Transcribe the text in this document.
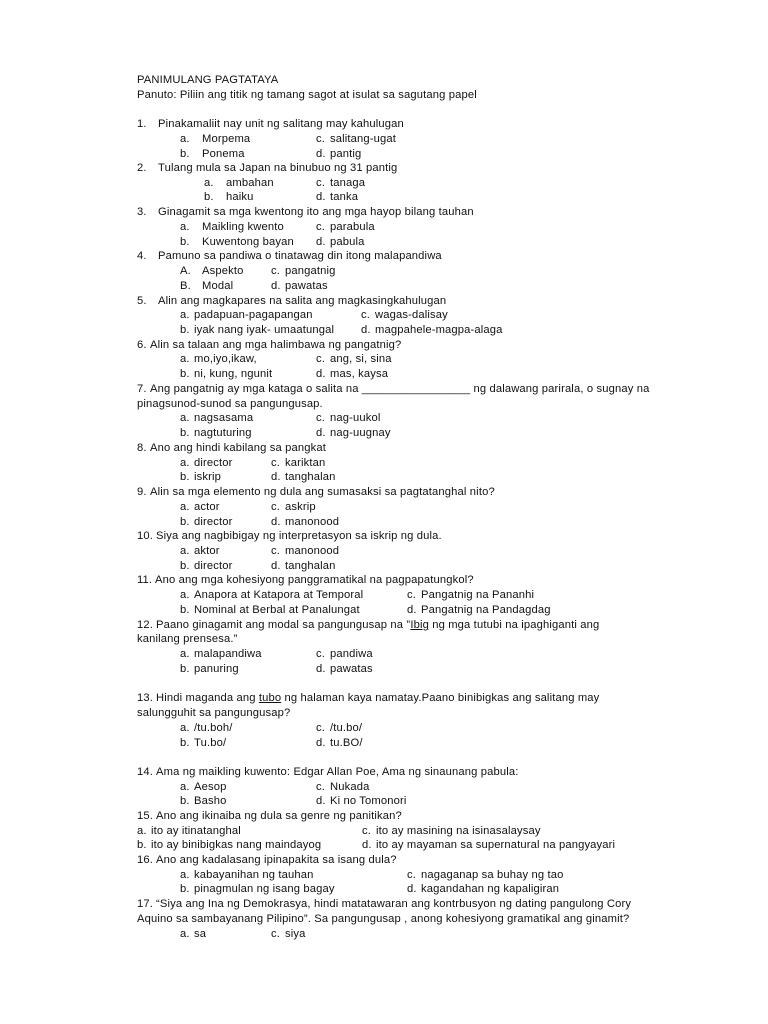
PANIMULANG PAGTATAYA
Panuto: Piliin ang titik ng tamang sagot at isulat sa sagutang papel
1. Pinakamaliit nay unit ng salitang may kahulugan
a. Morpema	c. salitang-ugat
b. Ponema	d. pantig
2. Tulang mula sa Japan na binubuo ng 31 pantig
a. ambahan	c. tanaga
b. haiku	d. tanka
3. Ginagamit sa mga kwentong ito ang mga hayop bilang tauhan
a. Maikling kwento	c. parabula
b. Kuwentong bayan d. pabula
4. Pamuno sa pandiwa o tinatawag din itong malapandiwa
A. Aspekto c. pangatnig
B. Modal	d. pawatas
5. Alin ang magkapares na salita ang magkasingkahulugan
a. padapuan-pagapangan	c. wagas-dalisay
b. iyak nang iyak- umaatungal d. magpahele-magpa-alaga
6. Alin sa talaan ang mga halimbawa ng pangatnig?
a. mo,iyo,ikaw,	c. ang, si, sina
b. ni, kung, ngunit	d. mas, kaysa
7. Ang pangatnig ay mga kataga o salita na _________________ ng dalawang parirala, o sugnay na
pinagsunod-sunod sa pangungusap.
a. nagsasama	c. nag-uukol
b. nagtuturing	d. nag-uugnay
8. Ano ang hindi kabilang sa pangkat
a. director	c. kariktan
b. iskrip	d. tanghalan
9. Alin sa mga elemento ng dula ang sumasaksi sa pagtatanghal nito?
a. actor	c. askrip
b. director	d. manonood
10. Siya ang nagbibigay ng interpretasyon sa iskrip ng dula.
a. aktor	c. manonood
b. director	d. tanghalan
11. Ano ang mga kohesiyong panggramatikal na pagpapatungkol?
a. Anapora at Katapora at Temporal	c. Pangatnig na Pananhi
b. Nominal at Berbal at Panalungat	d. Pangatnig na Pandagdag
12. Paano ginagamit ang modal sa pangungusap na ”Ibig ng mga tutubi na ipaghiganti ang
kanilang prensesa.”
a. malapandiwa	c. pandiwa
b. panuring	d. pawatas
13. Hindi maganda ang tubo ng halaman kaya namatay.Paano binibigkas ang salitang may
salungguhit sa pangungusap?
a. /tu.boh/	c. /tu.bo/
b. Tu.bo/	d. tu.BO/
14. Ama ng maikling kuwento: Edgar Allan Poe, Ama ng sinaunang pabula:
a. Aesop	c. Nukada
b. Basho	d. Ki no Tomonori
15. Ano ang ikinaiba ng dula sa genre ng panitikan?
a. ito ay itinatanghal	c. ito ay masining na isinasalaysay
b. ito ay binibigkas nang maindayog	d. ito ay mayaman sa supernatural na pangyayari
16. Ano ang kadalasang ipinapakita sa isang dula?
a. kabayanihan ng tauhan	c. nagaganap sa buhay ng tao
b. pinagmulan ng isang bagay	d. kagandahan ng kapaligiran
17. “Siya ang Ina ng Demokrasya, hindi matatawaran ang kontrbusyon ng dating pangulong Cory
Aquino sa sambayanang Pilipino”. Sa pangungusap , anong kohesiyong gramatikal ang ginamit?
a. sa	c. siya
